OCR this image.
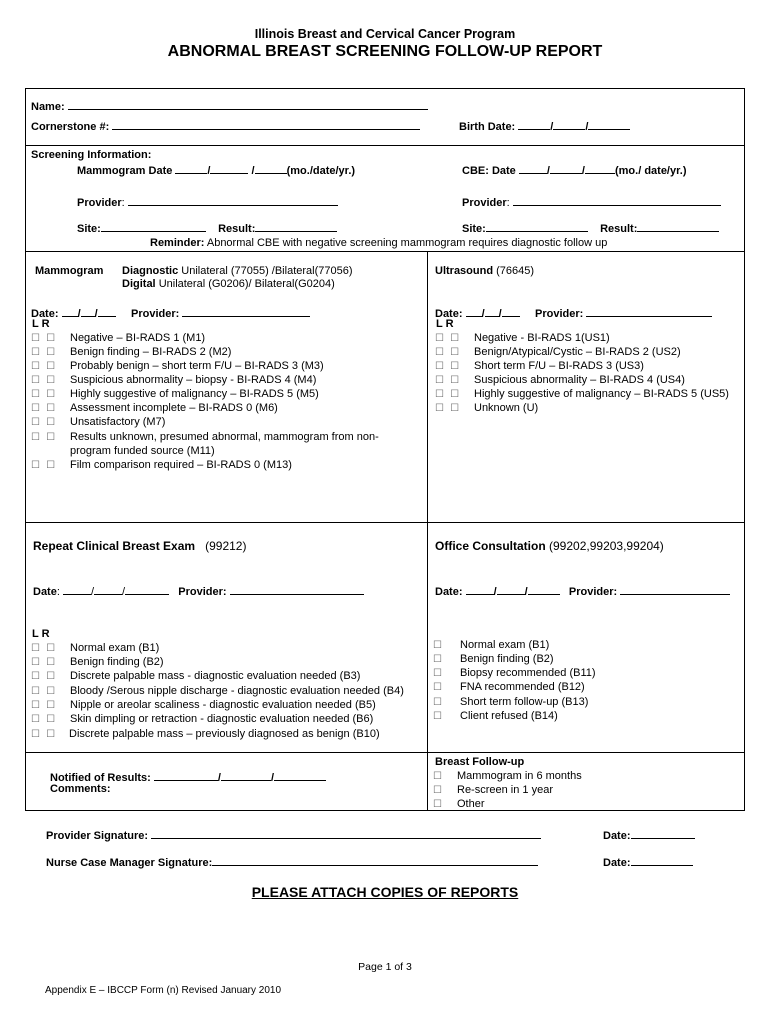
Illinois Breast and Cervical Cancer Program
ABNORMAL BREAST SCREENING FOLLOW-UP REPORT
Name:
Cornerstone #:	Birth Date:	/	/
Screening Information:
Mammogram Date	/	/	(mo./date/yr.)	CBE: Date	/	/	(mo./ date/yr.)
Provider:	Provider:
Site:	Result:	Site:	Result:
Reminder: Abnormal CBE with negative screening mammogram requires diagnostic follow up
Mammogram Diagnostic Unilateral (77055) /Bilateral(77056)
Digital Unilateral (G0206)/ Bilateral(G0204)
Date: / /	Provider:
L R
☐ ☐ Negative – BI-RADS 1 (M1)
☐ ☐ Benign finding – BI-RADS 2 (M2)
☐ ☐ Probably benign – short term F/U – BI-RADS 3 (M3)
☐ ☐ Suspicious abnormality – biopsy - BI-RADS 4 (M4)
☐ ☐ Highly suggestive of malignancy – BI-RADS 5 (M5)
☐ ☐ Assessment incomplete – BI-RADS 0 (M6)
☐ ☐ Unsatisfactory (M7)
☐ ☐ Results unknown, presumed abnormal, mammogram from non-
program funded source (M11)
☐ ☐ Film comparison required – BI-RADS 0 (M13)
Ultrasound (76645)
Date: / /	Provider:
L R
☐ ☐ Negative - BI-RADS 1(US1)
☐ ☐ Benign/Atypical/Cystic – BI-RADS 2 (US2)
☐ ☐ Short term F/U – BI-RADS 3 (US3)
☐ ☐ Suspicious abnormality – BI-RADS 4 (US4)
☐ ☐ Highly suggestive of malignancy – BI-RADS 5 (US5)
☐ ☐ Unknown (U)
Repeat Clinical Breast Exam (99212)
Date:	/	/	Provider:
L R
☐ ☐ Normal exam (B1)
☐ ☐ Benign finding (B2)
☐ ☐ Discrete palpable mass - diagnostic evaluation needed (B3)
☐ ☐ Bloody /Serous nipple discharge - diagnostic evaluation needed (B4)
☐ ☐ Nipple or areolar scaliness - diagnostic evaluation needed (B5)
☐ ☐ Skin dimpling or retraction - diagnostic evaluation needed (B6)
☐ ☐ Discrete palpable mass – previously diagnosed as benign (B10)
Office Consultation (99202,99203,99204)
Date:	/	/	Provider:
☐ Normal exam (B1)
☐ Benign finding (B2)
☐ Biopsy recommended (B11)
☐ FNA recommended (B12)
☐ Short term follow-up (B13)
☐ Client refused (B14)
Notified of Results:	/	/
Comments:
Breast Follow-up
☐ Mammogram in 6 months
☐ Re-screen in 1 year
☐ Other
Provider Signature:	Date:
Nurse Case Manager Signature:	Date:
PLEASE ATTACH COPIES OF REPORTS
Page 1 of 3
Appendix E – IBCCP Form (n) Revised January 2010
